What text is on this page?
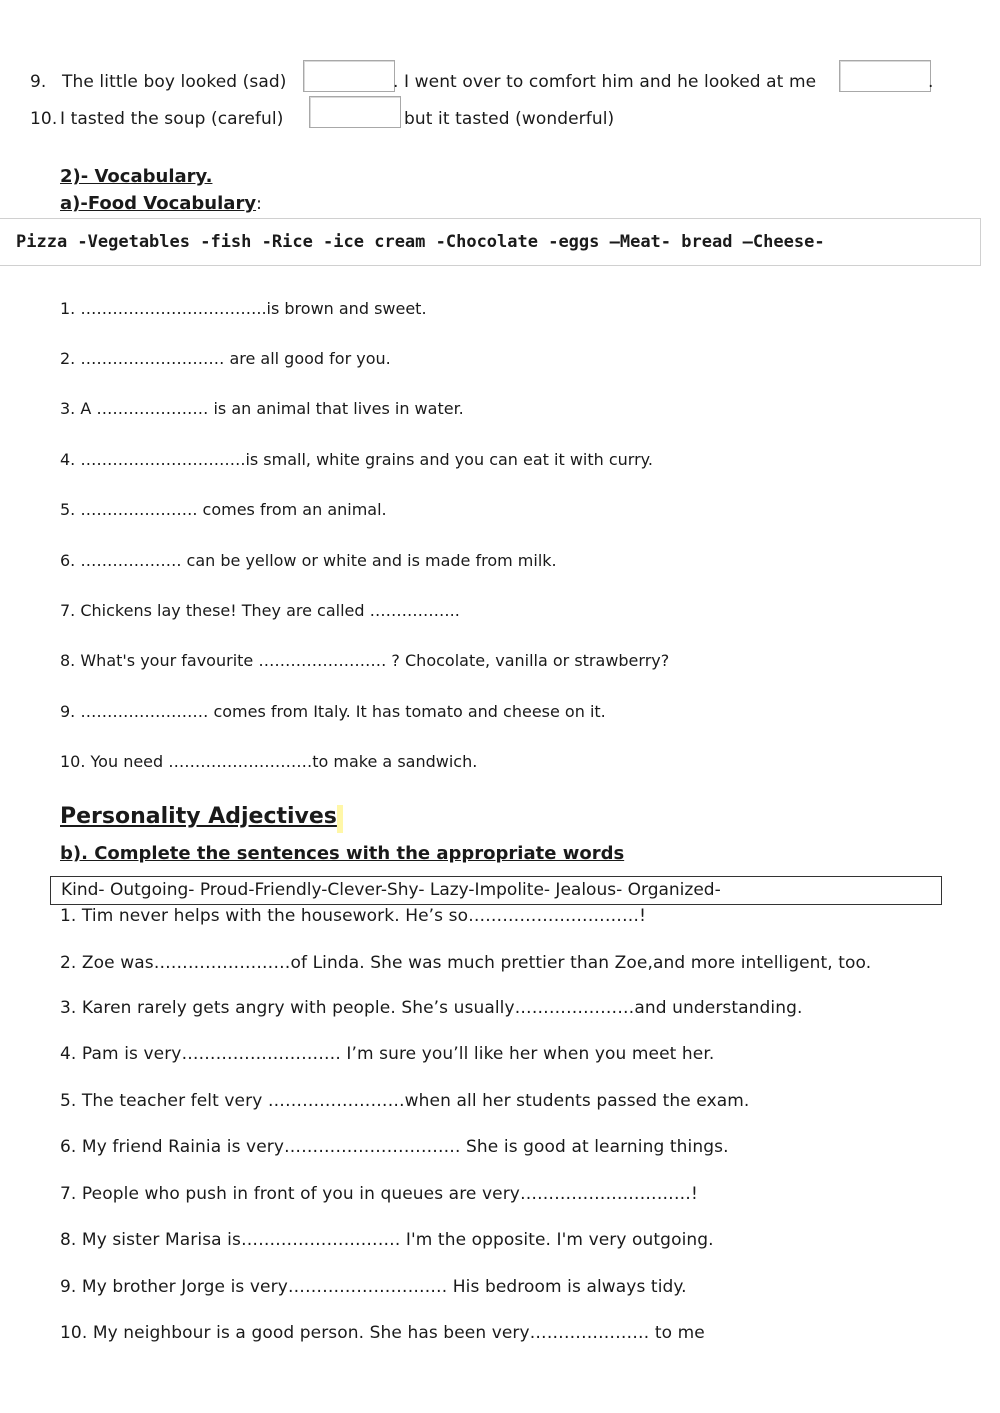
9. The little boy looked (sad)	. I went over to comfort him and he looked at me	.
10. I tasted the soup (careful)	but it tasted (wonderful)
2)- Vocabulary.
a)-Food Vocabulary:
Pizza -Vegetables -fish -Rice -ice cream -Chocolate -eggs –Meat- bread –Cheese-
1. ……………………………..is brown and sweet.
2. ……………………… are all good for you.
3. A ………………… is an animal that lives in water.
4. ………………………….is small, white grains and you can eat it with curry.
5. …………………. comes from an animal.
6. ………………. can be yellow or white and is made from milk.
7. Chickens lay these! They are called ……………..
8. What's your favourite …………………… ? Chocolate, vanilla or strawberry?
9. …………………… comes from Italy. It has tomato and cheese on it.
10. You need ………………………to make a sandwich.
Personality Adjectives
b). Complete the sentences with the appropriate words
Kind- Outgoing- Proud-Friendly-Clever-Shy- Lazy-Impolite- Jealous- Organized-
1. Tim never helps with the housework. He’s so…………………………!
2. Zoe was……………………of Linda. She was much prettier than Zoe,and more intelligent, too.
3. Karen rarely gets angry with people. She’s usually…………………and understanding.
4. Pam is very………………………. I’m sure you’ll like her when you meet her.
5. The teacher felt very ……………………when all her students passed the exam.
6. My friend Rainia is very…………………………. She is good at learning things.
7. People who push in front of you in queues are very…………………………!
8. My sister Marisa is………………………. I'm the opposite. I'm very outgoing.
9. My brother Jorge is very………………………. His bedroom is always tidy.
10. My neighbour is a good person. She has been very………………… to me
